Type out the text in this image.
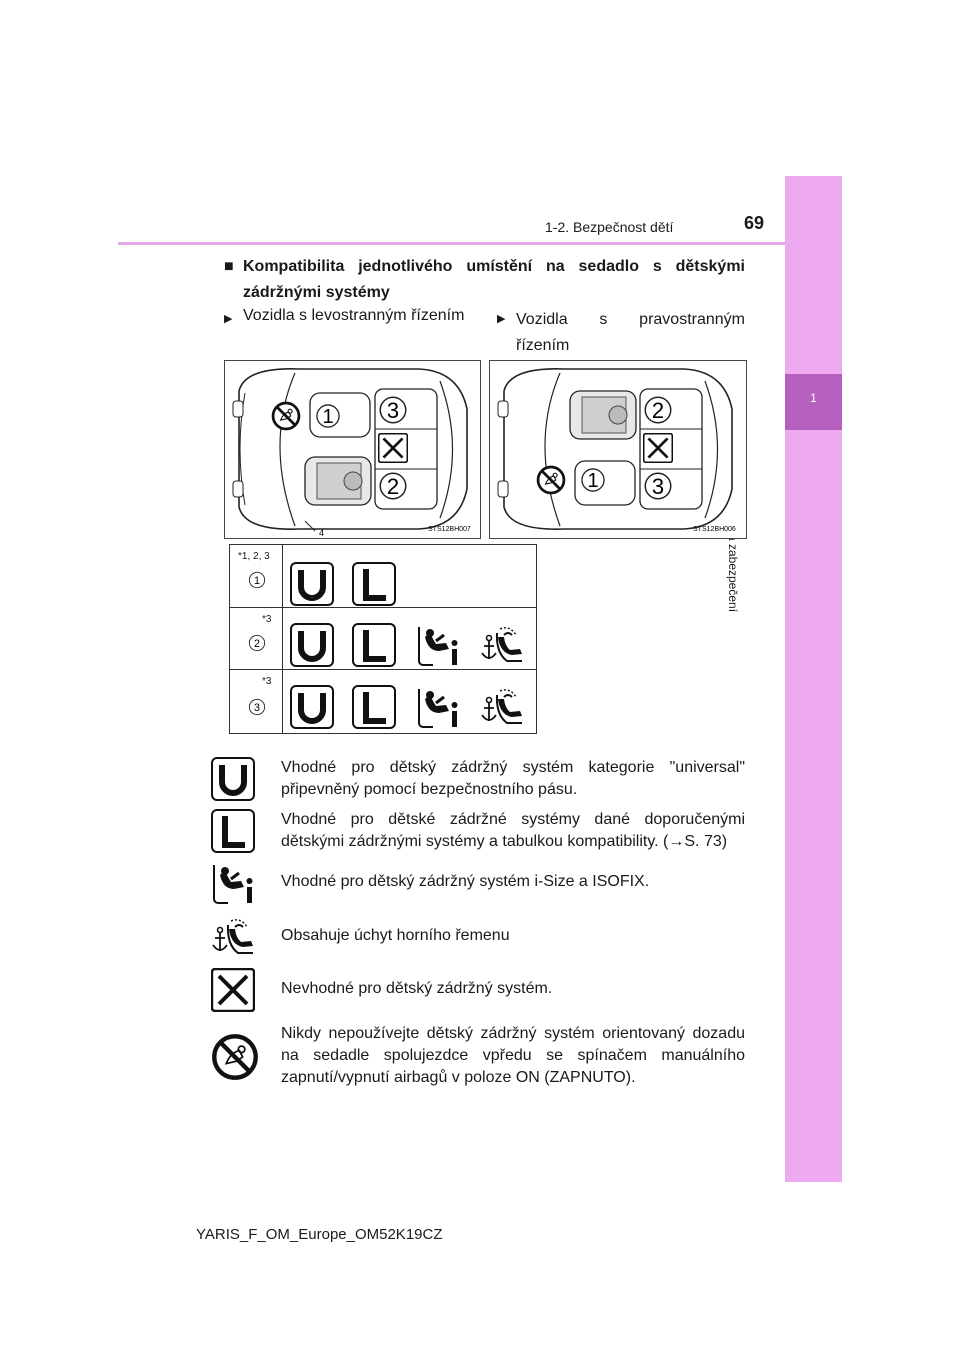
1-2. Bezpečnost dětí	69
1
■ Kompatibilita jednotlivého umístění na sedadlo s dětskými zádržnými systémy
▶ Vozidla s levostranným řízením	▶ Vozidla s pravostranným řízením
1 3
2
4	STS12BH007
2
3
1
STS12BH006
*1, 2, 3
1
*3
2
*3
3
Vhodné pro dětský zádržný systém kategorie "universal" připevněný pomocí bezpečnostního pásu.
Vhodné pro dětské zádržné systémy dané doporučenými dětskými zádržnými systémy a tabulkou kompatibility. (→S. 73)
Vhodné pro dětský zádržný systém i-Size a ISOFIX.
Obsahuje úchyt horního řemenu
Nevhodné pro dětský zádržný systém.
Nikdy nepoužívejte dětský zádržný systém orientovaný dozadu na sedadle spolujezdce vpředu se spínačem manuálního zapnutí/vypnutí airbagů v poloze ON (ZAPNUTO).
YARIS_F_OM_Europe_OM52K19CZ
